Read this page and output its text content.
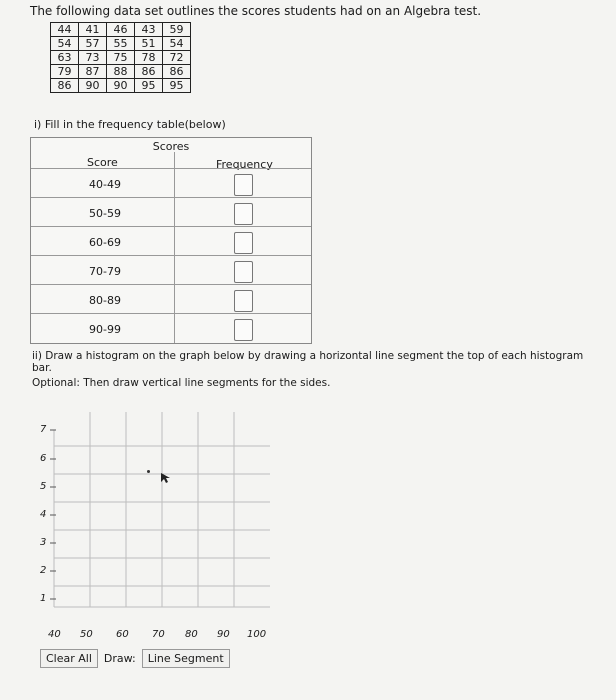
The following data set outlines the scores students had on an Algebra test.
44	41	46	43	59
54	57	55	51	54
63	73	75	78	72
79	87	88	86	86
86	90	90	95	95
i) Fill in the frequency table(below)
Scores
Score	Frequency
40-49
50-59
60-69
70-79
80-89
90-99
ii) Draw a histogram on the graph below by drawing a horizontal line segment the top of each histogram bar.
Optional: Then draw vertical line segments for the sides.
7
6
5
4
3
2
1
40 50 60 70 80 90 100
Clear All	Draw:	Line Segment
